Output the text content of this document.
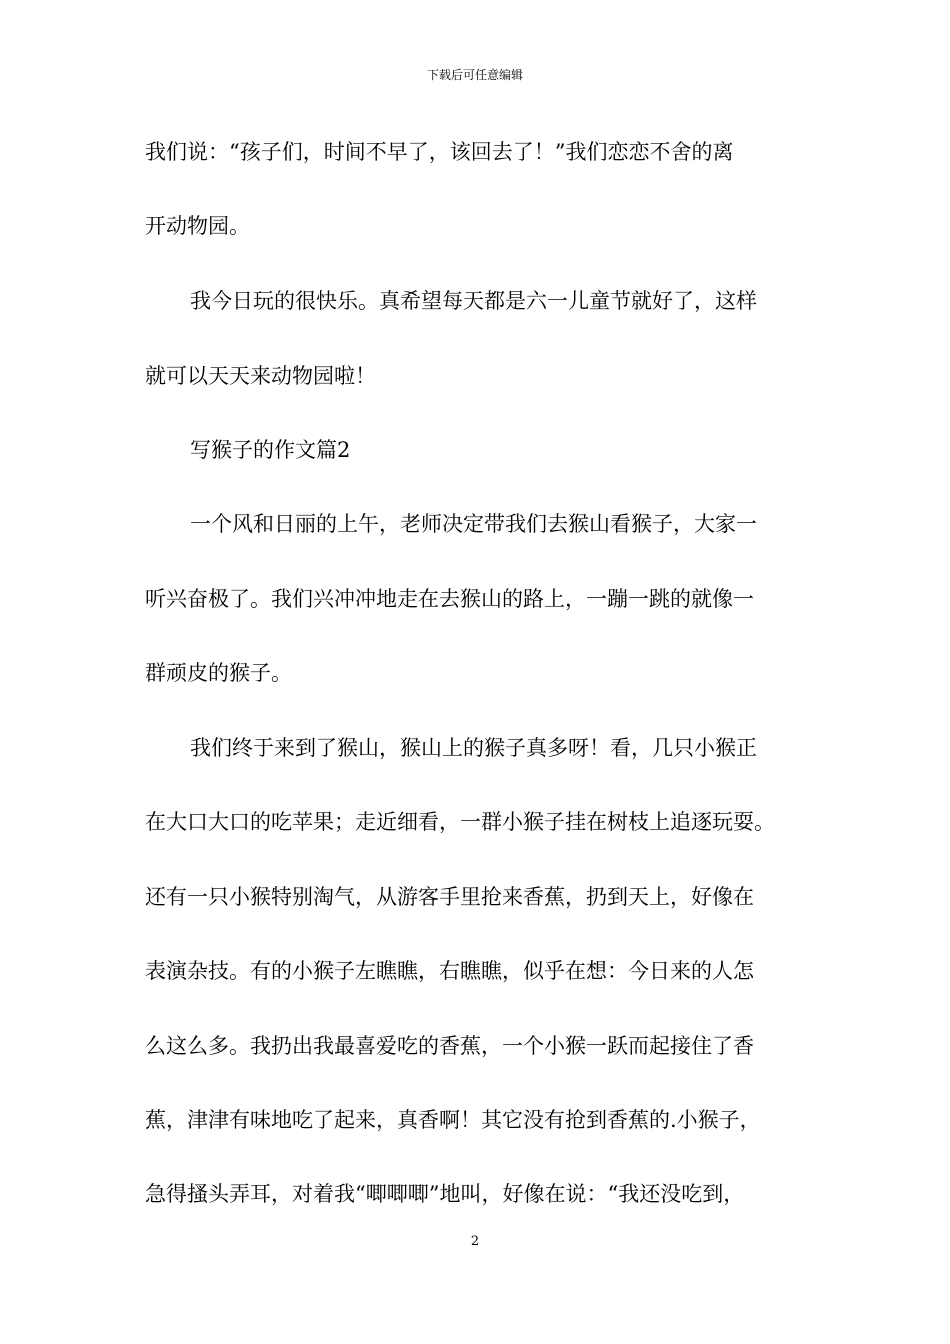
下载后可任意编辑
我们说：“孩子们，时间不早了，该回去了！”我们恋恋不舍的离
开动物园。
我今日玩的很快乐。真希望每天都是六一儿童节就好了，这样
就可以天天来动物园啦！
写猴子的作文篇2
一个风和日丽的上午，老师决定带我们去猴山看猴子，大家一
听兴奋极了。我们兴冲冲地走在去猴山的路上，一蹦一跳的就像一
群顽皮的猴子。
我们终于来到了猴山，猴山上的猴子真多呀！看，几只小猴正
在大口大口的吃苹果；走近细看，一群小猴子挂在树枝上追逐玩耍。
还有一只小猴特别淘气，从游客手里抢来香蕉，扔到天上，好像在
表演杂技。有的小猴子左瞧瞧，右瞧瞧，似乎在想：今日来的人怎
么这么多。我扔出我最喜爱吃的香蕉，一个小猴一跃而起接住了香
蕉，津津有味地吃了起来，真香啊！其它没有抢到香蕉的.小猴子，
急得搔头弄耳，对着我“唧唧唧”地叫，好像在说：“我还没吃到，
2
